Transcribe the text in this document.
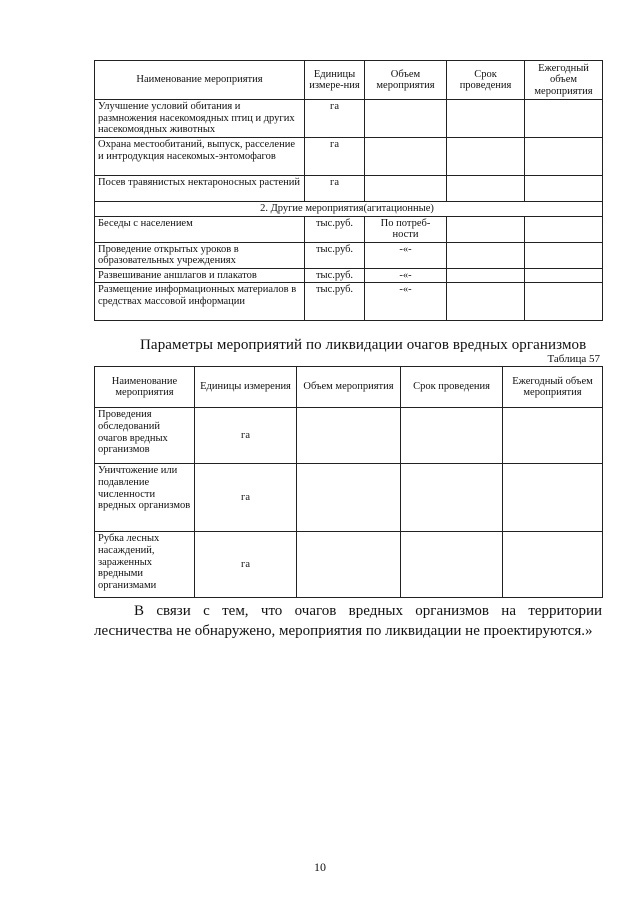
Наименование мероприятия	Единицы измере-ния	Объем мероприятия	Срок проведения	Ежегодный объем мероприятия
Улучшение условий обитания и размножения насекомоядных птиц и других насекомоядных животных	га			
Охрана местообитаний, выпуск, расселение и интродукция насекомых-энтомофагов	га			
Посев травянистых нектароносных растений	га			
2. Другие мероприятия(агитационные)				
Беседы с населением	тыс.руб.	По потреб-ности		
Проведение открытых уроков в образовательных учреждениях	тыс.руб.	-«-		
Развешивание аншлагов и плакатов	тыс.руб.	-«-		
Размещение информационных материалов в средствах массовой информации	тыс.руб.	-«-		
Параметры мероприятий по ликвидации очагов вредных организмов
Таблица 57
Наименование мероприятия	Единицы измерения	Объем мероприятия	Срок проведения	Ежегодный объем мероприятия
Проведения обследований очагов вредных организмов	га			
Уничтожение или подавление численности вредных организмов	га			
Рубка лесных насаждений, зараженных вредными организмами	га			

В связи с тем, что очагов вредных организмов на территории лесничества не обнаружено, мероприятия по ликвидации не проектируются.»

10
